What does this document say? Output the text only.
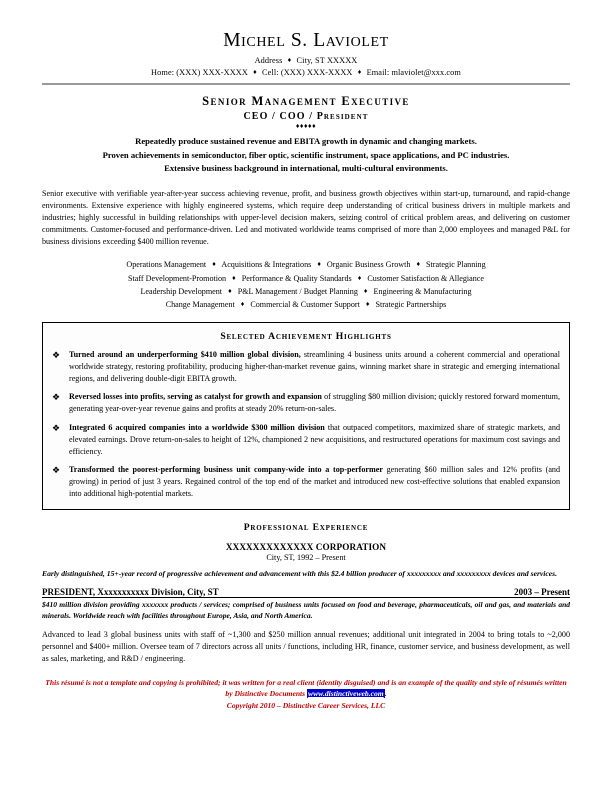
Michel S. Laviolet
Address ♦ City, ST XXXXX
Home: (XXX) XXX-XXXX ♦ Cell: (XXX) XXX-XXXX ♦ Email: mlaviolet@xxx.com
Senior Management Executive
CEO / COO / President
♦♦♦♦♦
Repeatedly produce sustained revenue and EBITA growth in dynamic and changing markets.
Proven achievements in semiconductor, fiber optic, scientific instrument, space applications, and PC industries.
Extensive business background in international, multi-cultural environments.
Senior executive with verifiable year-after-year success achieving revenue, profit, and business growth objectives within start-up, turnaround, and rapid-change environments. Extensive experience with highly engineered systems, which require deep understanding of critical business drivers in multiple markets and industries; highly successful in building relationships with upper-level decision makers, seizing control of critical problem areas, and delivering on customer commitments. Customer-focused and performance-driven. Led and motivated worldwide teams comprised of more than 2,000 employees and managed P&L for business divisions exceeding $400 million revenue.
Operations Management ♦ Acquisitions & Integrations ♦ Organic Business Growth ♦ Strategic Planning
Staff Development-Promotion ♦ Performance & Quality Standards ♦ Customer Satisfaction & Allegiance
Leadership Development ♦ P&L Management / Budget Planning ♦ Engineering & Manufacturing
Change Management ♦ Commercial & Customer Support ♦ Strategic Partnerships
Selected Achievement Highlights
❖	Turned around an underperforming $410 million global division, streamlining 4 business units around a coherent commercial and operational worldwide strategy, restoring profitability, producing higher-than-market revenue gains, winning market share in strategic and emerging international regions, and delivering double-digit EBITA growth.
❖	Reversed losses into profits, serving as catalyst for growth and expansion of struggling $80 million division; quickly restored forward momentum, generating year-over-year revenue gains and profits at steady 20% return-on-sales.
❖	Integrated 6 acquired companies into a worldwide $300 million division that outpaced competitors, maximized share of strategic markets, and elevated earnings. Drove return-on-sales to height of 12%, championed 2 new acquisitions, and restructured operations for maximum cost savings and efficiency.
❖	Transformed the poorest-performing business unit company-wide into a top-performer generating $60 million sales and 12% profits (and growing) in period of just 3 years. Regained control of the top end of the market and introduced new cost-effective solutions that enabled expansion into additional high-potential markets.
Professional Experience
XXXXXXXXXXXXX CORPORATION
City, ST, 1992 – Present
Early distinguished, 15+-year record of progressive achievement and advancement with this $2.4 billion producer of xxxxxxxxx and xxxxxxxxx devices and services.
PRESIDENT, Xxxxxxxxxxx Division, City, ST	2003 – Present
$410 million division providing xxxxxxx products / services; comprised of business units focused on food and beverage, pharmaceuticals, oil and gas, and materials and minerals. Worldwide reach with facilities throughout Europe, Asia, and North America.
Advanced to lead 3 global business units with staff of ~1,300 and $250 million annual revenues; additional unit integrated in 2004 to bring totals to ~2,000 personnel and $400+ million. Oversee team of 7 directors across all units / functions, including HR, finance, customer service, and business development, as well as sales, marketing, and R&D / engineering.
This résumé is not a template and copying is prohibited; it was written for a real client (identity disguised) and is an example of the quality and style of résumés written by Distinctive Documents www.distinctiveweb.com.
Copyright 2010 – Distinctive Career Services, LLC
